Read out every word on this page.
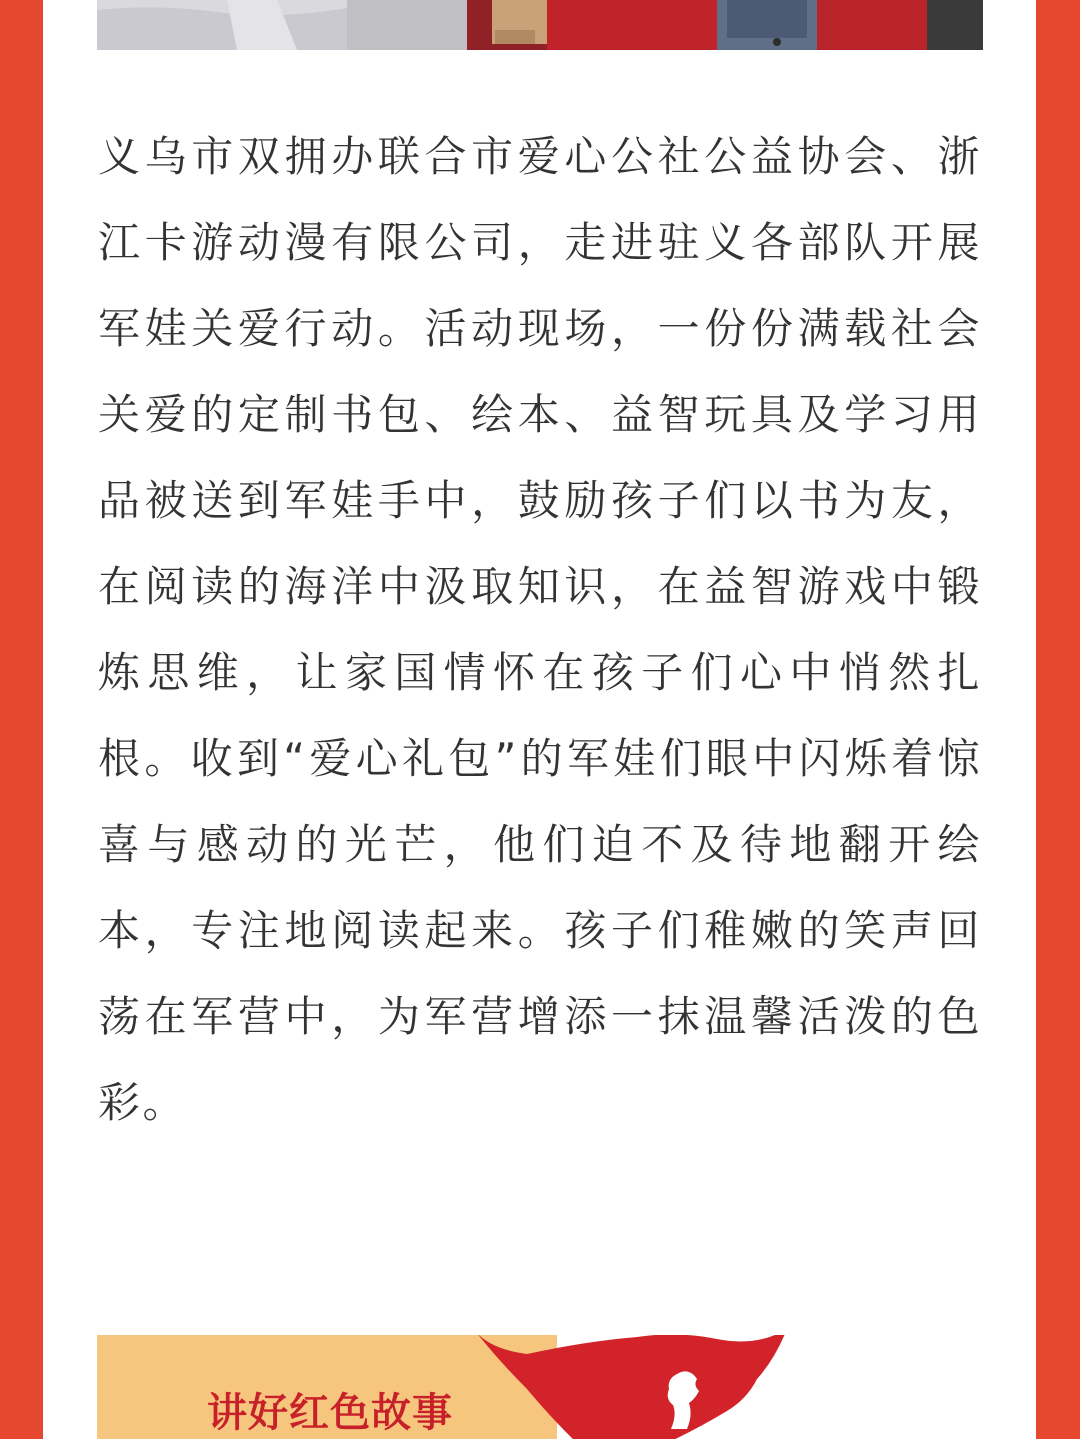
义乌市双拥办联合市爱心公社公益协会、浙江卡游动漫有限公司，走进驻义各部队开展军娃关爱行动。活动现场，一份份满载社会关爱的定制书包、绘本、益智玩具及学习用品被送到军娃手中，鼓励孩子们以书为友，在阅读的海洋中汲取知识，在益智游戏中锻炼思维，让家国情怀在孩子们心中悄然扎根。收到“爱心礼包”的军娃们眼中闪烁着惊喜与感动的光芒，他们迫不及待地翻开绘本，专注地阅读起来。孩子们稚嫩的笑声回荡在军营中，为军营增添一抹温馨活泼的色彩。

讲好红色故事
